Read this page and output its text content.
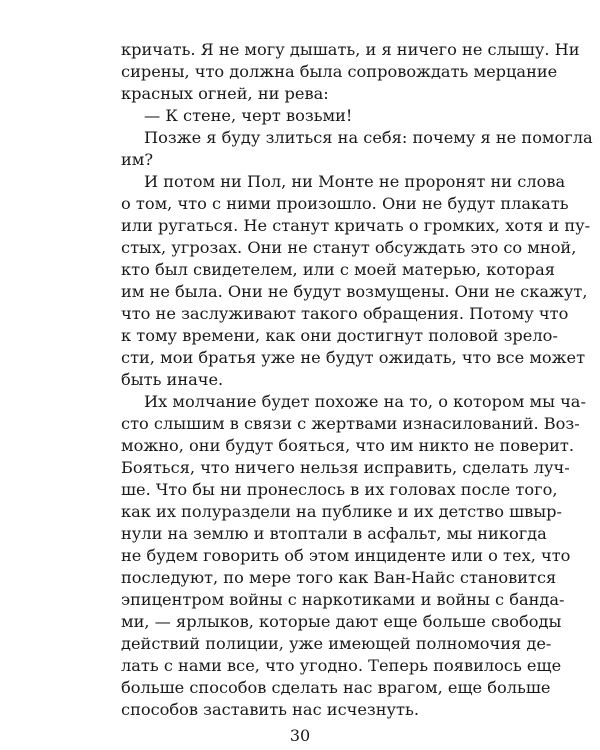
кричать. Я не могу дышать, и я ничего не слышу. Ни
сирены, что должна была сопровождать мерцание
красных огней, ни рева:
— К стене, черт возьми!
Позже я буду злиться на себя: почему я не помогла
им?
И потом ни Пол, ни Монте не проронят ни слова
о том, что с ними произошло. Они не будут плакать
или ругаться. Не станут кричать о громких, хотя и пу-
стых, угрозах. Они не станут обсуждать это со мной,
кто был свидетелем, или с моей матерью, которая
им не была. Они не будут возмущены. Они не скажут,
что не заслуживают такого обращения. Потому что
к тому времени, как они достигнут половой зрело-
сти, мои братья уже не будут ожидать, что все может
быть иначе.
Их молчание будет похоже на то, о котором мы ча-
сто слышим в связи с жертвами изнасилований. Воз-
можно, они будут бояться, что им никто не поверит.
Бояться, что ничего нельзя исправить, сделать луч-
ше. Что бы ни пронеслось в их головах после того,
как их полураздели на публике и их детство швыр-
нули на землю и втоптали в асфальт, мы никогда
не будем говорить об этом инциденте или о тех, что
последуют, по мере того как Ван-Найс становится
эпицентром войны с наркотиками и войны с банда-
ми, — ярлыков, которые дают еще больше свободы
действий полиции, уже имеющей полномочия де-
лать с нами все, что угодно. Теперь появилось еще
больше способов сделать нас врагом, еще больше
способов заставить нас исчезнуть.
30
